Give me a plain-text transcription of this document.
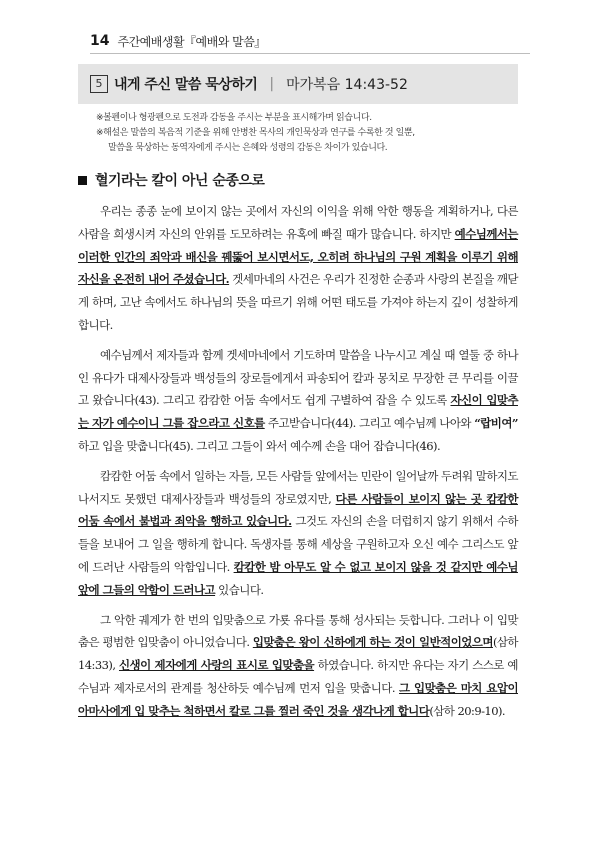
14 주간예배생활『예배와 말씀』
5 내게 주신 말씀 묵상하기 | 마가복음 14:43-52

※볼펜이나 형광펜으로 도전과 감동을 주시는 부분을 표시해가며 읽습니다.

※해설은 말씀의 복음적 기준을 위해 안병찬 목사의 개인묵상과 연구를 수록한 것 일뿐,

말씀을 묵상하는 동역자에게 주시는 은혜와 성령의 감동은 차이가 있습니다.

혈기라는 칼이 아닌 순종으로

우리는 종종 눈에 보이지 않는 곳에서 자신의 이익을 위해 악한 행동을 계획하거나, 다른 사람을 희생시켜 자신의 안위를 도모하려는 유혹에 빠질 때가 많습니다. 하지만 예수님께서는 이러한 인간의 죄악과 배신을 꿰뚫어 보시면서도, 오히려 하나님의 구원 계획을 이루기 위해 자신을 온전히 내어 주셨습니다. 겟세마네의 사건은 우리가 진정한 순종과 사랑의 본질을 깨닫게 하며, 고난 속에서도 하나님의 뜻을 따르기 위해 어떤 태도를 가져야 하는지 깊이 성찰하게 합니다.

예수님께서 제자들과 함께 겟세마네에서 기도하며 말씀을 나누시고 계실 때 열둘 중 하나인 유다가 대제사장들과 백성들의 장로들에게서 파송되어 칼과 몽치로 무장한 큰 무리를 이끌고 왔습니다(43). 그리고 캄캄한 어둠 속에서도 쉽게 구별하여 잡을 수 있도록 자신이 입맞추는 자가 예수이니 그를 잡으라고 신호를 주고받습니다(44). 그리고 예수님께 나아와 “랍비여” 하고 입을 맞춥니다(45). 그리고 그들이 와서 예수께 손을 대어 잡습니다(46).

캄캄한 어둠 속에서 일하는 자들, 모든 사람들 앞에서는 민란이 일어날까 두려워 말하지도 나서지도 못했던 대제사장들과 백성들의 장로였지만, 다른 사람들이 보이지 않는 곳 캄캄한 어둠 속에서 불법과 죄악을 행하고 있습니다. 그것도 자신의 손을 더럽히지 않기 위해서 수하들을 보내어 그 일을 행하게 합니다. 독생자를 통해 세상을 구원하고자 오신 예수 그리스도 앞에 드러난 사람들의 악함입니다. 캄캄한 밤 아무도 알 수 없고 보이지 않을 것 같지만 예수님 앞에 그들의 악함이 드러나고 있습니다.

그 악한 궤계가 한 번의 입맞춤으로 가룟 유다를 통해 성사되는 듯합니다. 그러나 이 입맞춤은 평범한 입맞춤이 아니었습니다. 입맞춤은 왕이 신하에게 하는 것이 일반적이었으며(삼하14:33), 신생이 제자에게 사랑의 표시로 입맞춤을 하였습니다. 하지만 유다는 자기 스스로 예수님과 제자로서의 관계를 청산하듯 예수님께 먼저 입을 맞춥니다. 그 입맞춤은 마치 요압이 아마사에게 입 맞추는 척하면서 칼로 그를 찔러 죽인 것을 생각나게 합니다(삼하 20:9-10).
